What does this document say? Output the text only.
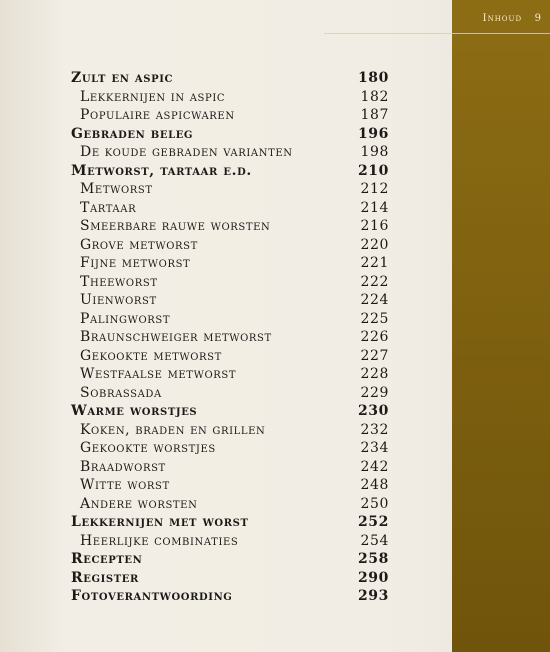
Inhoud 9
Zult en aspic	180
Lekkernijen in aspic	182
Populaire aspicwaren	187
Gebraden beleg	196
De koude gebraden varianten	198
Metworst, tartaar e.d.	210
Metworst	212
Tartaar	214
Smeerbare rauwe worsten	216
Grove metworst	220
Fijne metworst	221
Theeworst	222
Uienworst	224
Palingworst	225
Braunschweiger metworst	226
Gekookte metworst	227
Westfaalse metworst	228
Sobrassada	229
Warme worstjes	230
Koken, braden en grillen	232
Gekookte worstjes	234
Braadworst	242
Witte worst	248
Andere worsten	250
Lekkernijen met worst	252
Heerlijke combinaties	254
Recepten	258
Register	290
Fotoverantwoording	293
